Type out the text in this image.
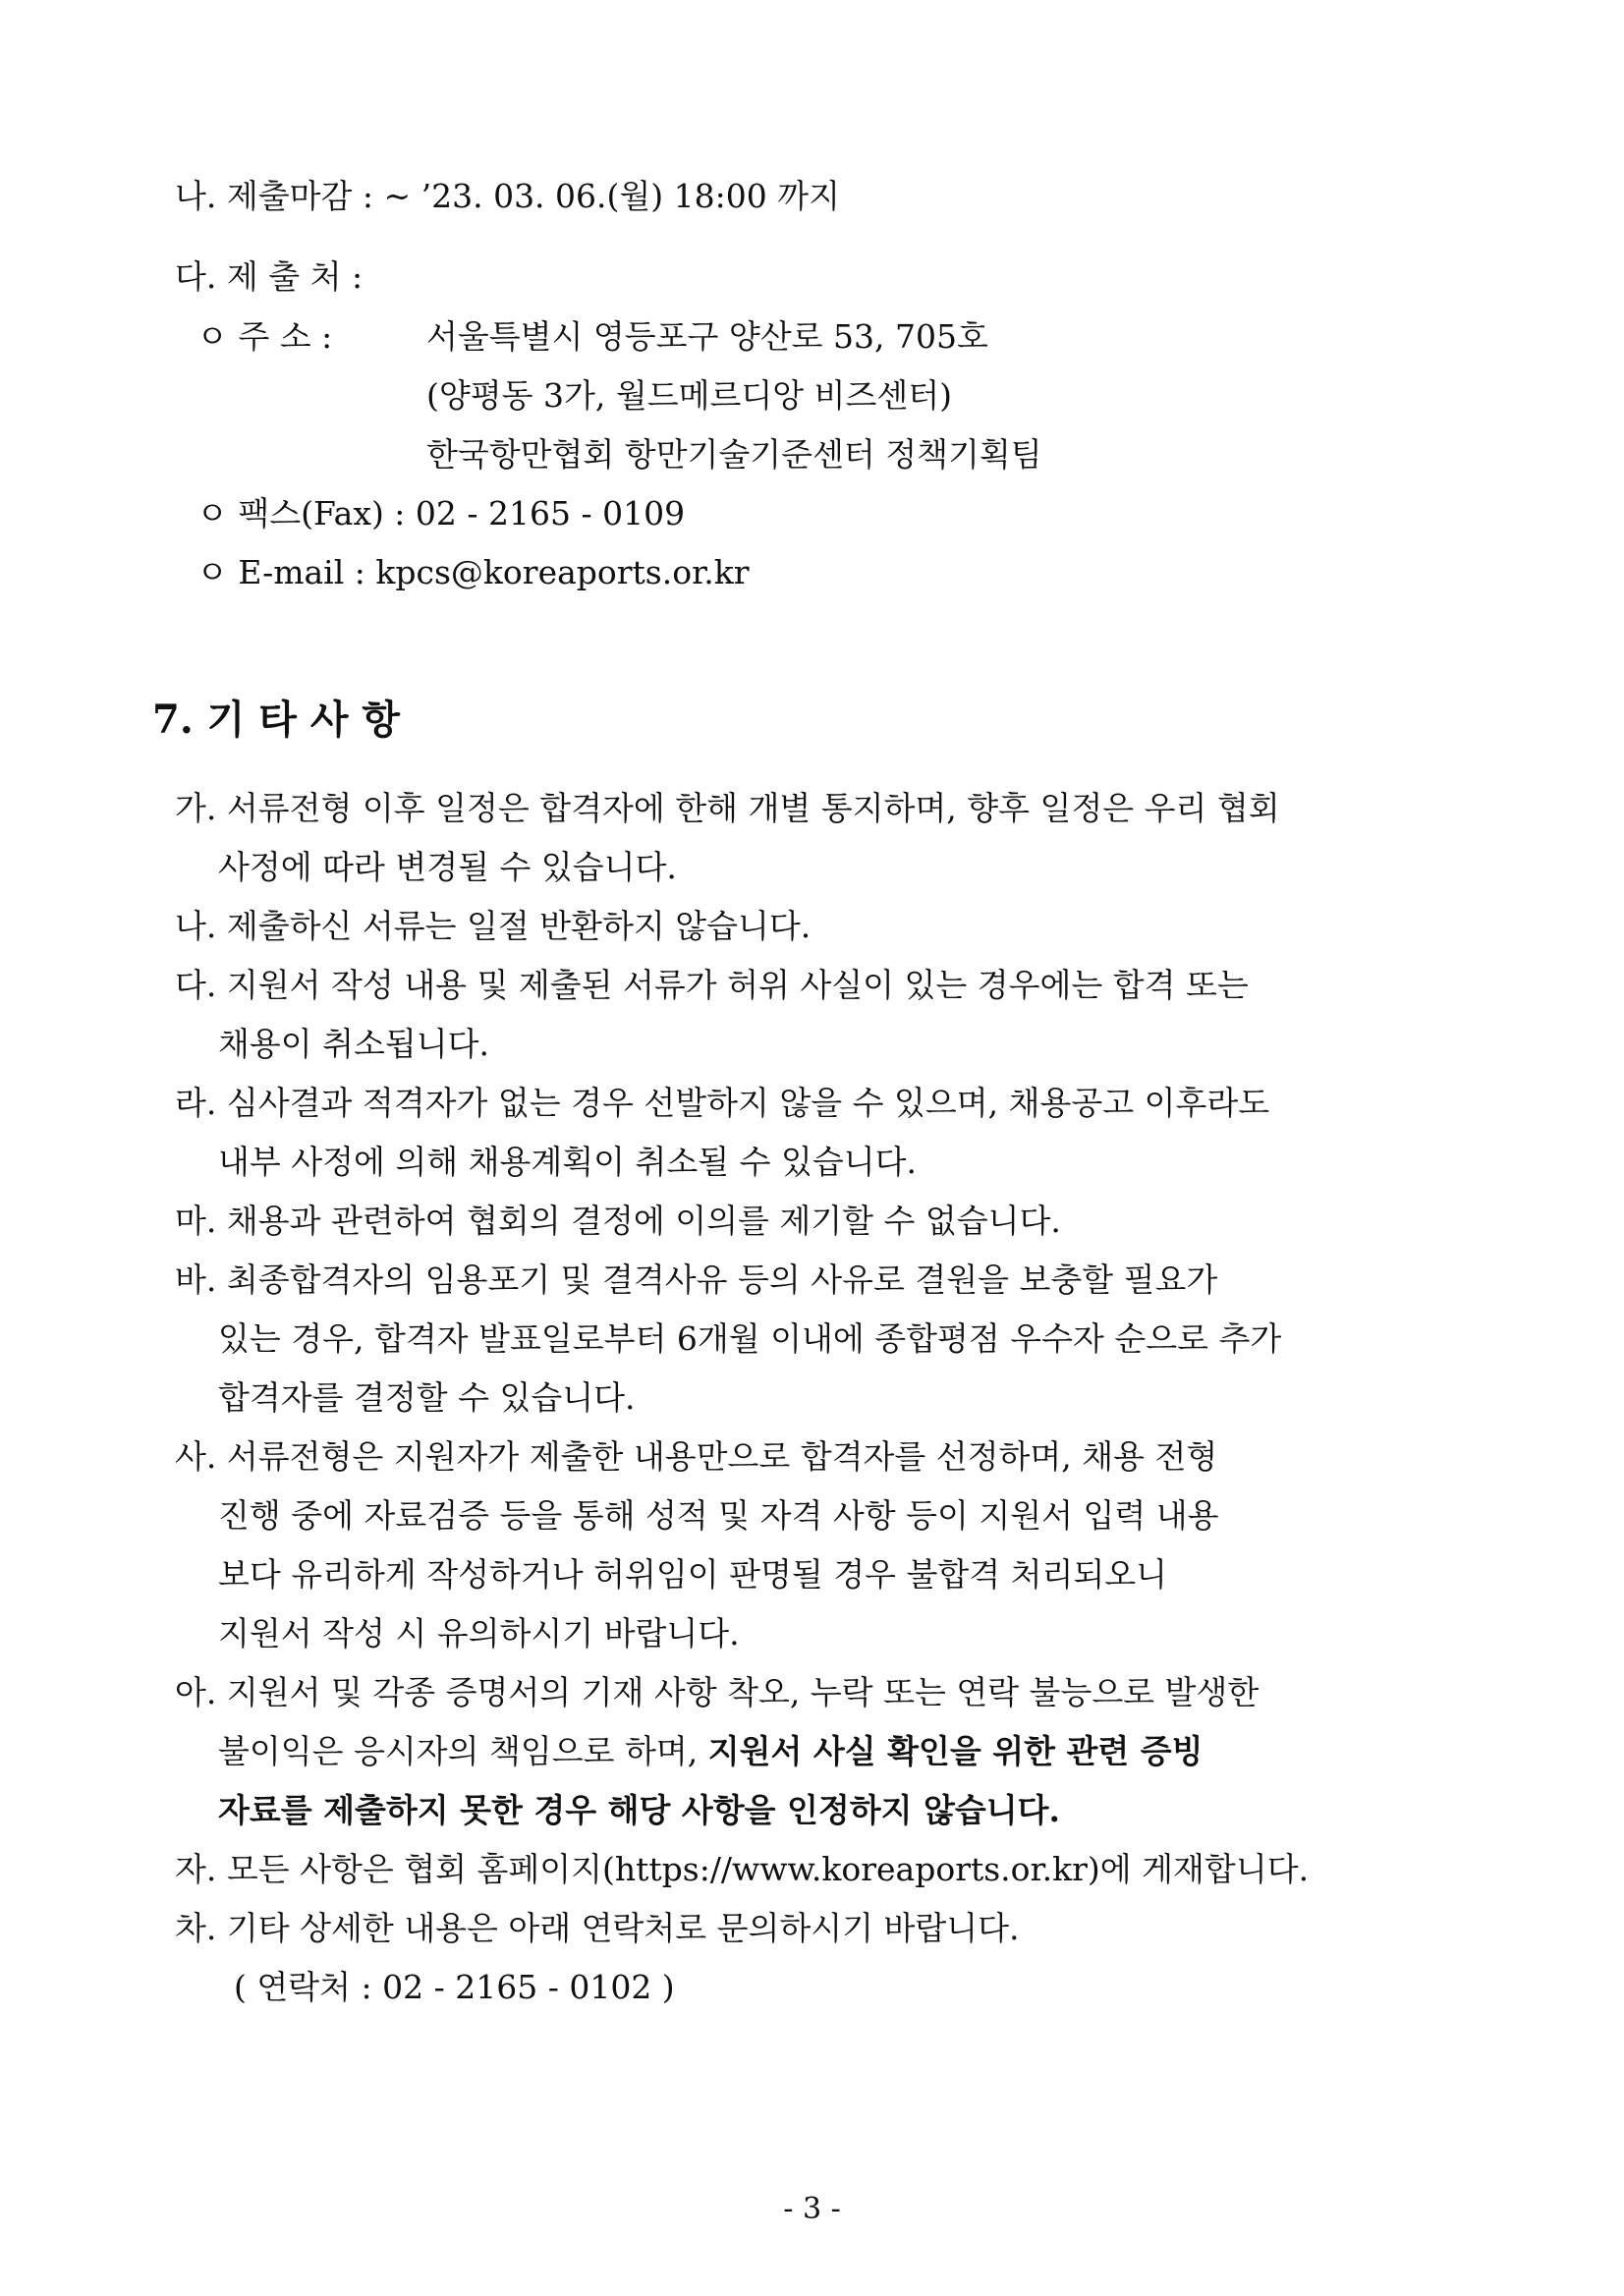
나. 제출마감 : ~ ’23. 03. 06.(월) 18:00 까지
다. 제 출 처 :
ㅇ 주 소 :	서울특별시 영등포구 양산로 53, 705호
(양평동 3가, 월드메르디앙 비즈센터)
한국항만협회 항만기술기준센터 정책기획팀
ㅇ 팩스(Fax) : 02 - 2165 - 0109
ㅇ E-mail : kpcs@koreaports.or.kr
7. 기 타 사 항
가. 서류전형 이후 일정은 합격자에 한해 개별 통지하며, 향후 일정은 우리 협회
사정에 따라 변경될 수 있습니다.
나. 제출하신 서류는 일절 반환하지 않습니다.
다. 지원서 작성 내용 및 제출된 서류가 허위 사실이 있는 경우에는 합격 또는
채용이 취소됩니다.
라. 심사결과 적격자가 없는 경우 선발하지 않을 수 있으며, 채용공고 이후라도
내부 사정에 의해 채용계획이 취소될 수 있습니다.
마. 채용과 관련하여 협회의 결정에 이의를 제기할 수 없습니다.
바. 최종합격자의 임용포기 및 결격사유 등의 사유로 결원을 보충할 필요가
있는 경우, 합격자 발표일로부터 6개월 이내에 종합평점 우수자 순으로 추가
합격자를 결정할 수 있습니다.
사. 서류전형은 지원자가 제출한 내용만으로 합격자를 선정하며, 채용 전형
진행 중에 자료검증 등을 통해 성적 및 자격 사항 등이 지원서 입력 내용
보다 유리하게 작성하거나 허위임이 판명될 경우 불합격 처리되오니
지원서 작성 시 유의하시기 바랍니다.
아. 지원서 및 각종 증명서의 기재 사항 착오, 누락 또는 연락 불능으로 발생한
불이익은 응시자의 책임으로 하며, 지원서 사실 확인을 위한 관련 증빙
자료를 제출하지 못한 경우 해당 사항을 인정하지 않습니다.
자. 모든 사항은 협회 홈페이지(https://www.koreaports.or.kr)에 게재합니다.
차. 기타 상세한 내용은 아래 연락처로 문의하시기 바랍니다.
( 연락처 : 02 - 2165 - 0102 )
- 3 -
